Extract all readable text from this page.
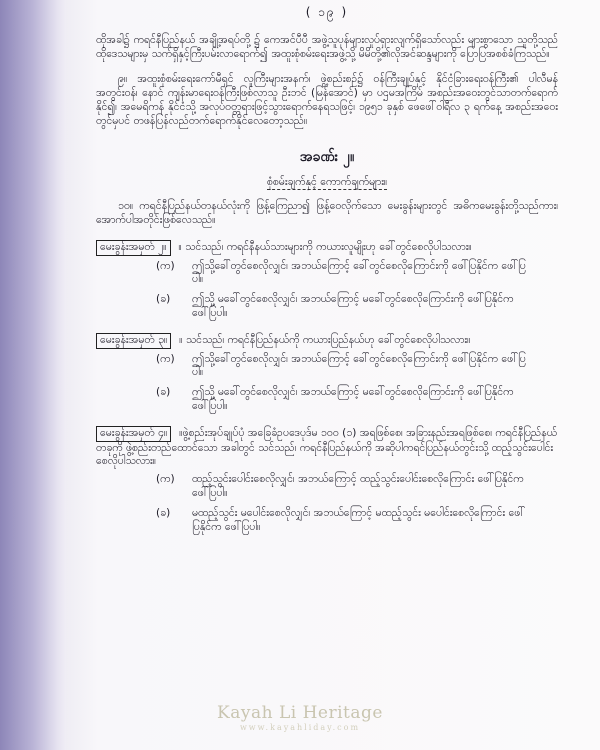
( ၁၉ )

ထိုအခါ၌ ကရင်နီပြည်နယ် အချို့အရပ်တို့ ၌ ကေအင်ပီပီ အဖွဲ့သူပုန်များလှုပ်ရှားလျက်ရှိသော်လည်း များစွာသော သူတို့သည် ထိုဒေသများမှ သက်ရှိနှင့်ကြီးပမ်းလာရောက်၍ အထူးစုံစမ်းရေးအဖွဲ့သို့ မိမိတို့၏လိုအင်ဆန္ဒများကို ပြောပြအစစ်ခံကြသည်။

၉။ အထူးစုံစမ်းရေးကော်မီရှင် လူကြီးများအနက်၊ ဖွဲ့စည်းစဉ်၌ ဝန်ကြီးချုပ်နှင့် နိုင်ငံခြားရေးဝန်ကြီး၏ ပါလီမန်အတွင်းဝန်၊ နောင် ကျန်းမာရေးဝန်ကြီးဖြစ်လာသူ ဦးဘင် (မြန်အောင်) မှာ ပဌမအကြိမ် အစည်းအဝေးတွင်သာတက်ရောက်နိုင်၍၊ အမေရိကန် နိုင်ငံသို့ အလုပ်ဝတ္တရားဖြင့်သွားရောက်နေရသဖြင့်၊ ၁၉၅၁ ခုနှစ် ဖေဖေါ်ဝါရီလ ၃ ရက်နေ့ အစည်းအဝေးတွင်မှပင် တဖန်ပြန်လည်တက်ရောက်နိုင်လေတော့သည်။

အခဏ်း ၂။
စုံစမ်းချက်နှင့် ကောက်ချက်များ။

၁၀။ ကရင်နီပြည်နယ်တနယ်လုံးကို ဖြန့်ကြေညာ၍ ဖြန့်ဝေလိုက်သော မေးခွန်းများတွင် အဓိကမေးခွန်းတို့သည်ကား၊ အောက်ပါအတိုင်းဖြစ်လေသည်။

မေးခွန်းအမှတ် ၂။ ။ သင်သည်၊ ကရင်နီနယ်သားများကို ကယားလူမျိုးဟု ခေါ်တွင်စေလိုပါသလား။
(က)	ဤသို့ခေါ်တွင်စေလိုလျှင်၊ အဘယ်ကြောင့် ခေါ်တွင်စေလိုကြောင်းကို ဖေါ်ပြနိုင်က ဖေါ်ပြပါ။
(ခ)	ဤသို့ မခေါ်တွင်စေလိုလျှင်၊ အဘယ်ကြောင့် မခေါ်တွင်စေလိုကြောင်းကို ဖေါ်ပြနိုင်က ဖေါ်ပြပါ။
မေးခွန်းအမှတ် ၃။ ။ သင်သည်၊ ကရင်နီပြည်နယ်ကို ကယားပြည်နယ်ဟု ခေါ်တွင်စေလိုပါသလား။
(က)	ဤသို့ခေါ်တွင်စေလိုလျှင်၊ အဘယ်ကြောင့် ခေါ်တွင်စေလိုကြောင်းကို ဖေါ်ပြနိုင်က ဖေါ်ပြပါ။
(ခ)	ဤသို့ မခေါ်တွင်စေလိုလျှင်၊ အဘယ်ကြောင့် မခေါ်တွင်စေလိုကြောင်းကို ဖေါ်ပြနိုင်က ဖေါ်ပြပါ။
မေးခွန်းအမှတ် ၄။ ။ဖွဲ့စည်းအုပ်ချုပ်ပုံ အခြေခံဥပဒေပုဒ်မ ၁၀၀ (၁) အရဖြစ်စေ၊ အခြားနည်းအရဖြစ်စေ၊ ကရင်နီပြည်နယ်တခုကို ဖွဲ့စည်းတည်ထောင်သော အခါတွင် သင်သည်၊ ကရင်နီပြည်နယ်ကို အဆိုပါကရင်ပြည်နယ်တွင်းသို့ ထည့်သွင်းပေါင်းစေလိုပါသလား။
(က)	ထည့်သွင်းပေါင်းစေလိုလျှင်၊ အဘယ်ကြောင့် ထည့်သွင်းပေါင်းစေလိုကြောင်း ဖေါ်ပြနိုင်က ဖေါ်ပြပါ။
(ခ)	မထည့်သွင်း မပေါင်းစေလိုလျှင်၊ အဘယ်ကြောင့် မထည့်သွင်း မပေါင်းစေလိုကြောင်း ဖေါ်ပြနိုင်က ဖေါ်ပြပါ။
Kayah Li Heritage
www.kayahliday.com
